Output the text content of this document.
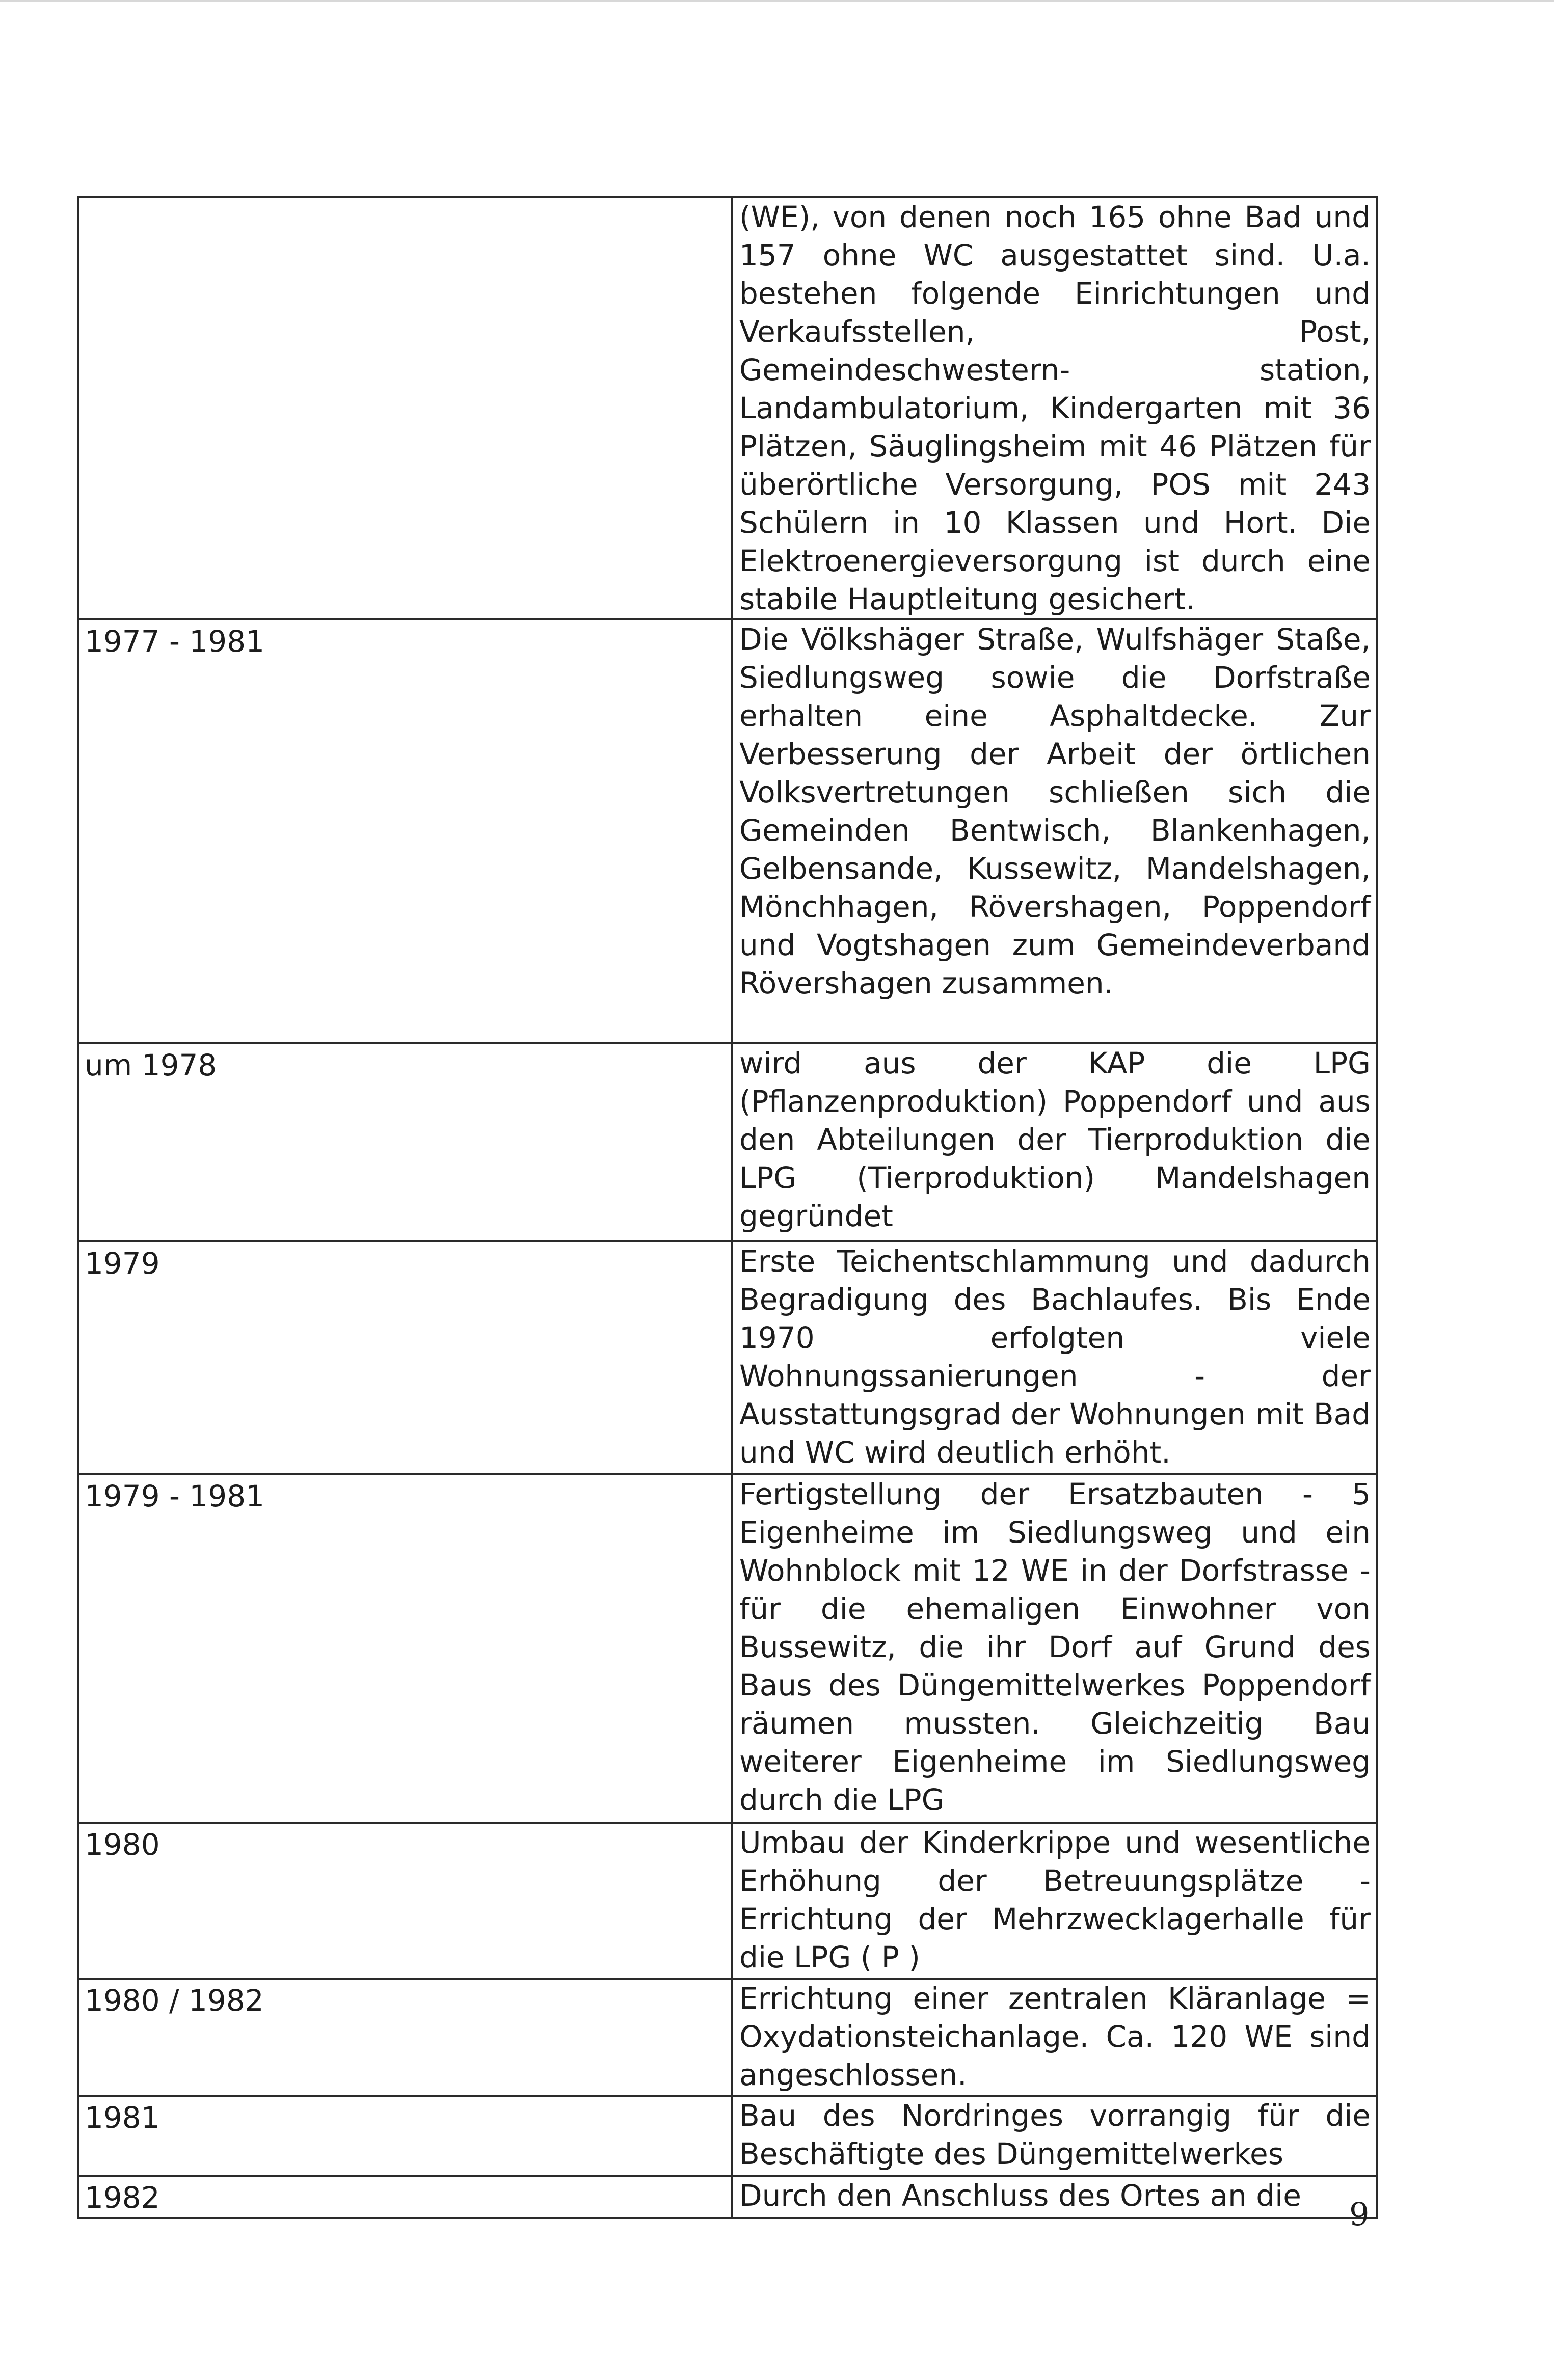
	(WE), von denen noch 165 ohne Bad und 157 ohne WC ausgestattet sind. U.a. bestehen folgende Einrichtungen und Verkaufsstellen, Post, Gemeindeschwestern- station, Landambulatorium, Kindergarten mit 36 Plätzen, Säuglingsheim mit 46 Plätzen für überörtliche Versorgung, POS mit 243 Schülern in 10 Klassen und Hort. Die Elektroenergieversorgung ist durch eine stabile Hauptleitung gesichert.
1977 - 1981	Die Völkshäger Straße, Wulfshäger Staße, Siedlungsweg sowie die Dorfstraße erhalten eine Asphaltdecke. Zur Verbesserung der Arbeit der örtlichen Volksvertretungen schließen sich die Gemeinden Bentwisch, Blankenhagen, Gelbensande, Kussewitz, Mandelshagen, Mönchhagen, Rövershagen, Poppendorf und Vogtshagen zum Gemeindeverband Rövershagen zusammen.
um 1978	wird aus der KAP die LPG (Pflanzenproduktion) Poppendorf und aus den Abteilungen der Tierproduktion die LPG (Tierproduktion) Mandelshagen gegründet
1979	Erste Teichentschlammung und dadurch Begradigung des Bachlaufes. Bis Ende 1970 erfolgten viele Wohnungssanierungen - der Ausstattungsgrad der Wohnungen mit Bad und WC wird deutlich erhöht.
1979 - 1981	Fertigstellung der Ersatzbauten - 5 Eigenheime im Siedlungsweg und ein Wohnblock mit 12 WE in der Dorfstrasse - für die ehemaligen Einwohner von Bussewitz, die ihr Dorf auf Grund des Baus des Düngemittelwerkes Poppendorf räumen mussten. Gleichzeitig Bau weiterer Eigenheime im Siedlungsweg durch die LPG
1980	Umbau der Kinderkrippe und wesentliche Erhöhung der Betreuungsplätze - Errichtung der Mehrzwecklagerhalle für die LPG ( P )
1980 / 1982	Errichtung einer zentralen Kläranlage = Oxydationsteichanlage. Ca. 120 WE sind angeschlossen.
1981	Bau des Nordringes vorrangig für die Beschäftigte des Düngemittelwerkes
1982	Durch den Anschluss des Ortes an die 9
